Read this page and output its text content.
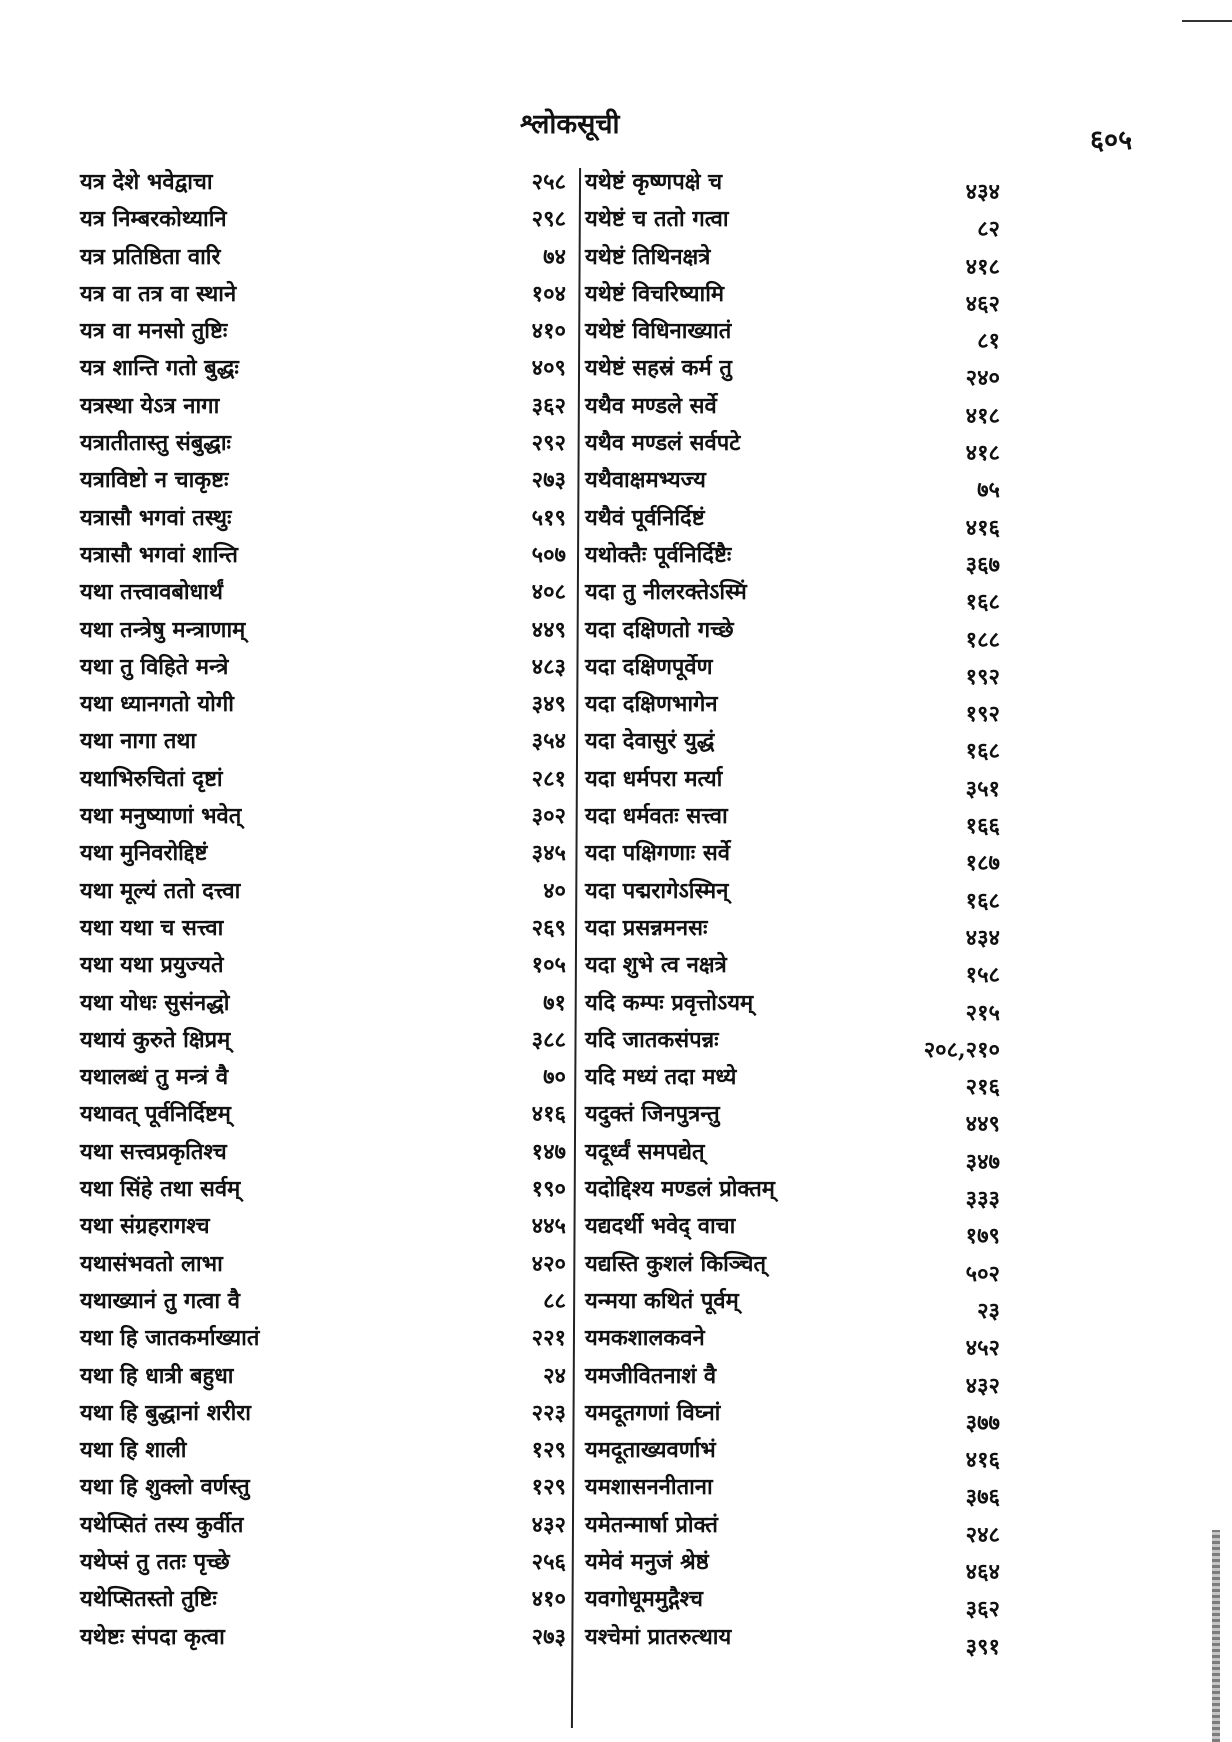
श्लोकसूची
६०५
यत्र देशे भवेद्वाचा	२५८
यत्र निम्बरकोथ्यानि	२९८
यत्र प्रतिष्ठिता वारि	७४
यत्र वा तत्र वा स्थाने	१०४
यत्र वा मनसो तुष्टिः	४१०
यत्र शान्ति गतो बुद्धः	४०९
यत्रस्था येऽत्र नागा	३६२
यत्रातीतास्तु संबुद्धाः	२९२
यत्राविष्टो न चाकृष्टः	२७३
यत्रासौ भगवां तस्थुः	५१९
यत्रासौ भगवां शान्ति	५०७
यथा तत्त्वावबोधार्थं	४०८
यथा तन्त्रेषु मन्त्राणाम्	४४९
यथा तु विहिते मन्त्रे	४८३
यथा ध्यानगतो योगी	३४९
यथा नागा तथा	३५४
यथाभिरुचितां दृष्टां	२८१
यथा मनुष्याणां भवेत्	३०२
यथा मुनिवरोद्दिष्टं	३४५
यथा मूल्यं ततो दत्त्वा	४०
यथा यथा च सत्त्वा	२६९
यथा यथा प्रयुज्यते	१०५
यथा योधः सुसंनद्धो	७१
यथायं कुरुते क्षिप्रम्	३८८
यथालब्धं तु मन्त्रं वै	७०
यथावत् पूर्वनिर्दिष्टम्	४१६
यथा सत्त्वप्रकृतिश्च	१४७
यथा सिंहे तथा सर्वम्	१९०
यथा संग्रहरागश्च	४४५
यथासंभवतो लाभा	४२०
यथाख्यानं तु गत्वा वै	८८
यथा हि जातकर्माख्यातं	२२१
यथा हि धात्री बहुधा	२४
यथा हि बुद्धानां शरीरा	२२३
यथा हि शाली	१२९
यथा हि शुक्लो वर्णस्तु	१२९
यथेप्सितं तस्य कुर्वीत	४३२
यथेप्सं तु ततः पृच्छे	२५६
यथेप्सितस्तो तुष्टिः	४१०
यथेष्टः संपदा कृत्वा	२७३
यथेष्टं कृष्णपक्षे च	४३४
यथेष्टं च ततो गत्वा	८२
यथेष्टं तिथिनक्षत्रे	४१८
यथेष्टं विचरिष्यामि	४६२
यथेष्टं विधिनाख्यातं	८१
यथेष्टं सहस्रं कर्म तु	२४०
यथैव मण्डले सर्वे	४१८
यथैव मण्डलं सर्वपटे	४१८
यथैवाक्षमभ्यज्य	७५
यथैवं पूर्वनिर्दिष्टं	४१६
यथोक्तैः पूर्वनिर्दिष्टैः	३६७
यदा तु नीलरक्तेऽस्मिं	१६८
यदा दक्षिणतो गच्छे	१८८
यदा दक्षिणपूर्वेण	१९२
यदा दक्षिणभागेन	१९२
यदा देवासुरं युद्धं	१६८
यदा धर्मपरा मर्त्या	३५१
यदा धर्मवतः सत्त्वा	१६६
यदा पक्षिगणाः सर्वे	१८७
यदा पद्मरागेऽस्मिन्	१६८
यदा प्रसन्नमनसः	४३४
यदा शुभे त्व नक्षत्रे	१५८
यदि कम्पः प्रवृत्तोऽयम्	२१५
यदि जातकसंपन्नः	२०८,२१०
यदि मध्यं तदा मध्ये	२१६
यदुक्तं जिनपुत्रन्तु	४४९
यदूर्ध्वं समपद्येत्	३४७
यदोद्दिश्य मण्डलं प्रोक्तम्	३३३
यद्यदर्थी भवेद् वाचा	१७९
यद्यस्ति कुशलं किञ्चित्	५०२
यन्मया कथितं पूर्वम्	२३
यमकशालकवने	४५२
यमजीवितनाशं वै	४३२
यमदूतगणां विघ्नां	३७७
यमदूताख्यवर्णाभं	४१६
यमशासननीताना	३७६
यमेतन्मार्षा प्रोक्तं	२४८
यमेवं मनुजं श्रेष्ठं	४६४
यवगोधूममुद्गैश्च	३६२
यश्चेमां प्रातरुत्थाय	३९१
